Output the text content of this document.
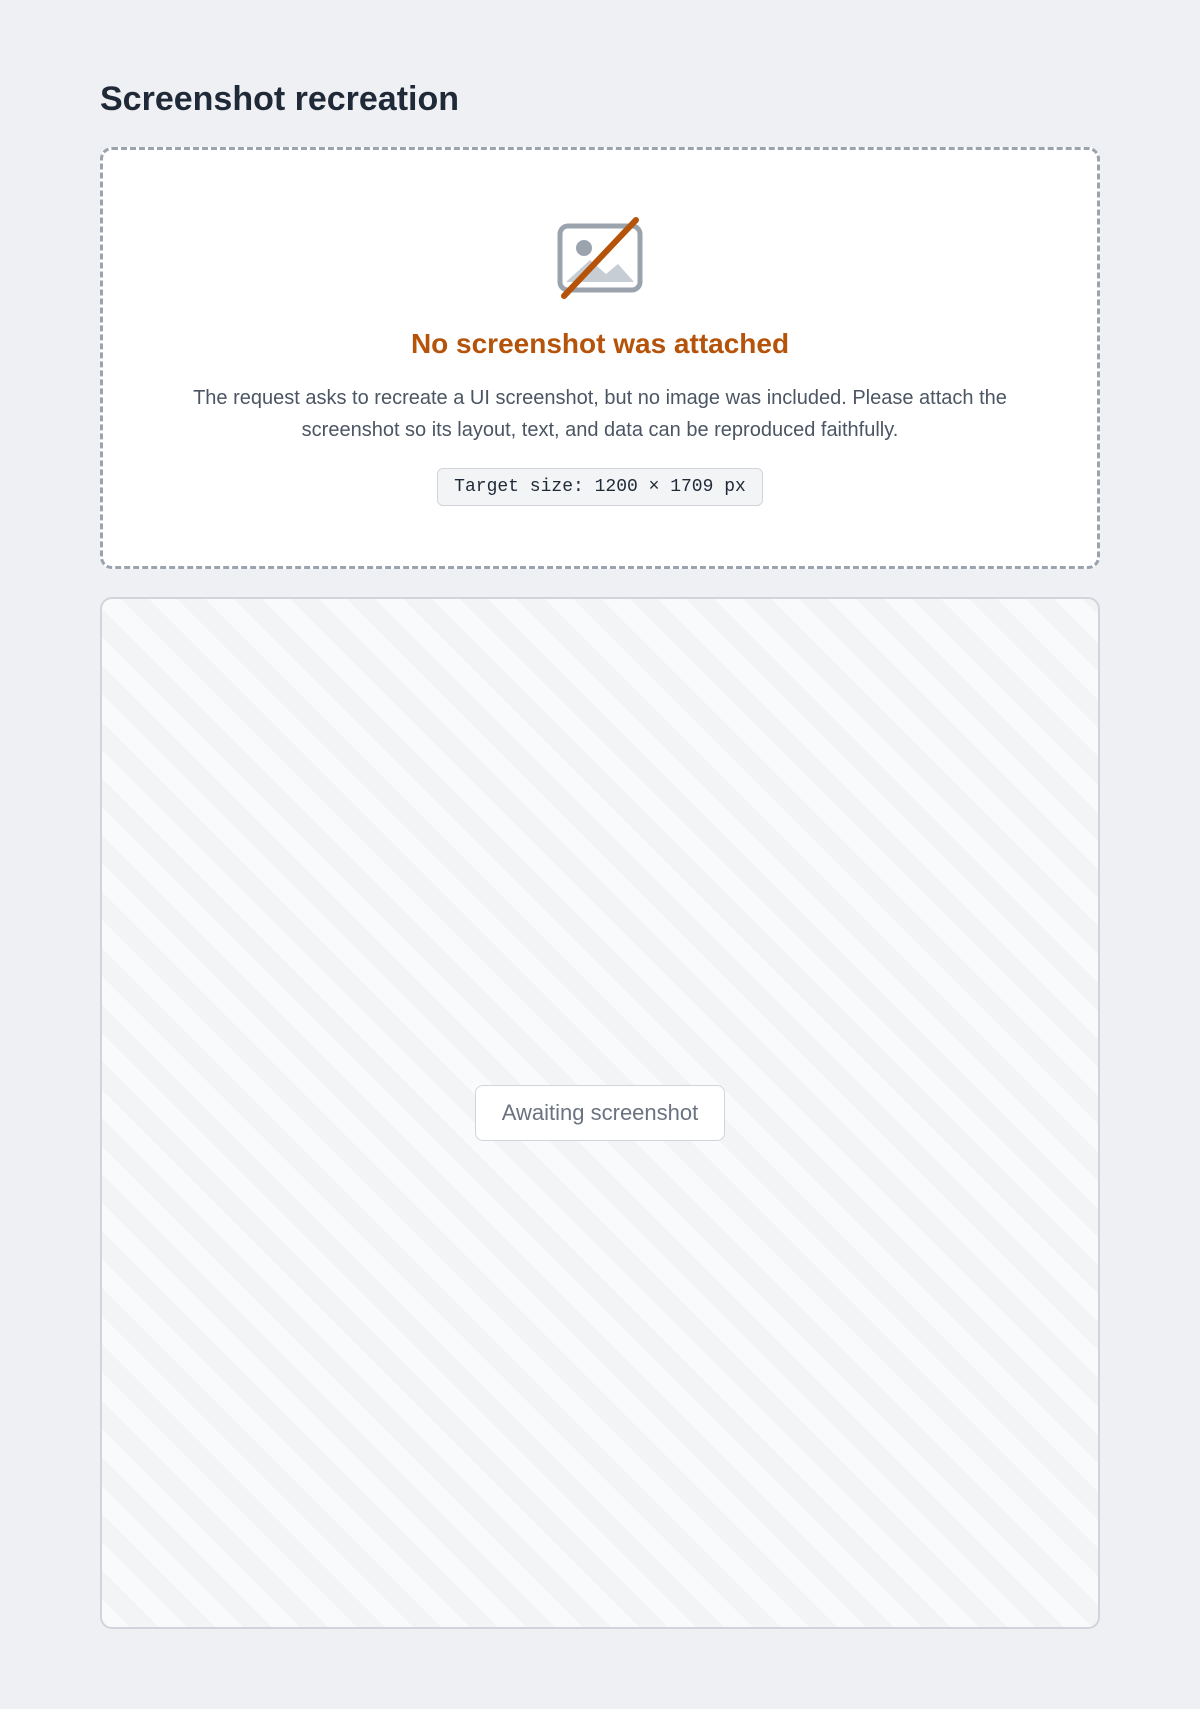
Screenshot recreation
No screenshot was attached

The request asks to recreate a UI screenshot, but no image was included. Please attach the screenshot so its layout, text, and data can be reproduced faithfully.

Target size: 1200 × 1709 px
Awaiting screenshot
